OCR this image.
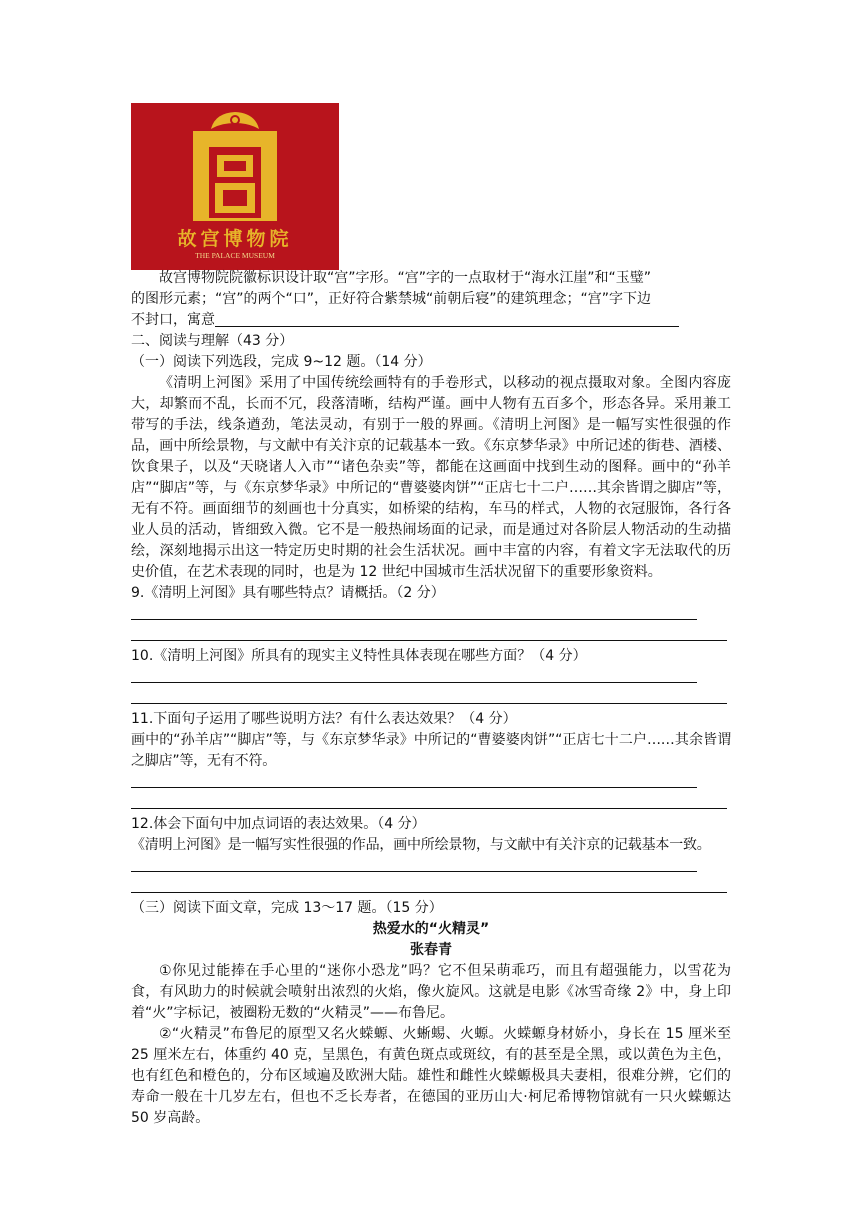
故宫博物院
THE PALACE MUSEUM

故宫博物院院徽标识设计取“宫”字形。“宫”字的一点取材于“海水江崖”和“玉璧”

的图形元素；“宫”的两个“口”，正好符合紫禁城“前朝后寝”的建筑理念；“宫”字下边

不封口，寓意

二、阅读与理解（43 分）

（一）阅读下列选段，完成 9~12 题。（14 分）

《清明上河图》采用了中国传统绘画特有的手卷形式，以移动的视点摄取对象。全图内容庞大，却繁而不乱，长而不冗，段落清晰，结构严谨。画中人物有五百多个，形态各异。采用兼工带写的手法，线条遒劲，笔法灵动，有别于一般的界画。《清明上河图》是一幅写实性很强的作品，画中所绘景物，与文献中有关汴京的记载基本一致。《东京梦华录》中所记述的街巷、酒楼、饮食果子，以及“天晓诸人入市”“诸色杂卖”等，都能在这画面中找到生动的图释。画中的“孙羊店”“脚店”等，与《东京梦华录》中所记的“曹婆婆肉饼”“正店七十二户……其余皆谓之脚店”等，无有不符。画面细节的刻画也十分真实，如桥梁的结构，车马的样式，人物的衣冠服饰，各行各业人员的活动，皆细致入微。它不是一般热闹场面的记录，而是通过对各阶层人物活动的生动描绘，深刻地揭示出这一特定历史时期的社会生活状况。画中丰富的内容，有着文字无法取代的历史价值，在艺术表现的同时，也是为 12 世纪中国城市生活状况留下的重要形象资料。

9.《清明上河图》具有哪些特点？请概括。（2 分）

10.《清明上河图》所具有的现实主义特性具体表现在哪些方面？（4 分）

11.下面句子运用了哪些说明方法？有什么表达效果？（4 分）

画中的“孙羊店”“脚店”等，与《东京梦华录》中所记的“曹婆婆肉饼”“正店七十二户……其余皆谓之脚店”等，无有不符。

12.体会下面句中加点词语的表达效果。（4 分）

《清明上河图》是一幅写实性很强的作品，画中所绘景物，与文献中有关汴京的记载基本一致。

（三）阅读下面文章，完成 13～17 题。（15 分）

热爱水的“火精灵”

张春青

①你见过能捧在手心里的“迷你小恐龙”吗？它不但呆萌乖巧，而且有超强能力，以雪花为食，有风助力的时候就会喷射出浓烈的火焰，像火旋风。这就是电影《冰雪奇缘 2》中，身上印着“火”字标记，被圈粉无数的“火精灵”——布鲁尼。

②“火精灵”布鲁尼的原型又名火蝾螈、火蜥蜴、火螈。火蝾螈身材娇小，身长在 15 厘米至 25 厘米左右，体重约 40 克，呈黑色，有黄色斑点或斑纹，有的甚至是全黑，或以黄色为主色，也有红色和橙色的，分布区域遍及欧洲大陆。雄性和雌性火蝾螈极具夫妻相，很难分辨，它们的寿命一般在十几岁左右，但也不乏长寿者，在德国的亚历山大·柯尼希博物馆就有一只火蝾螈达 50 岁高龄。
